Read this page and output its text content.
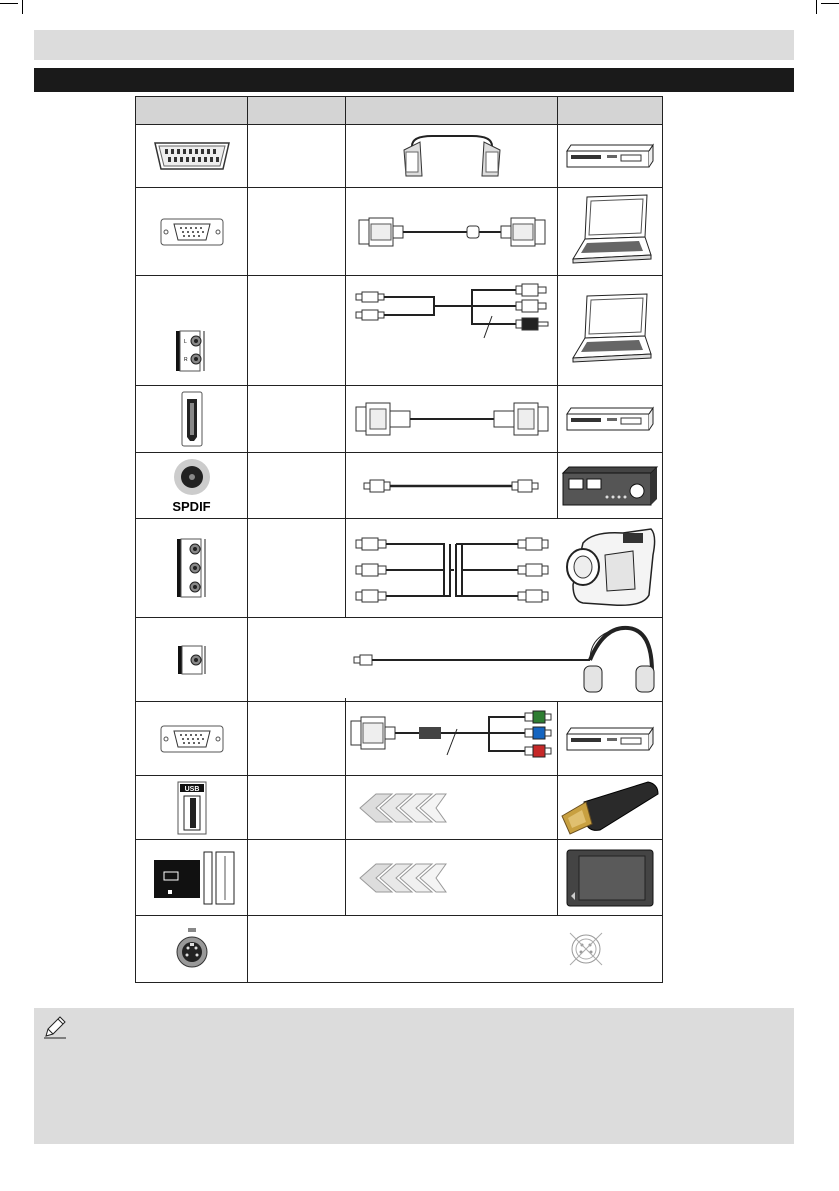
L
R
SPDIF
USB
